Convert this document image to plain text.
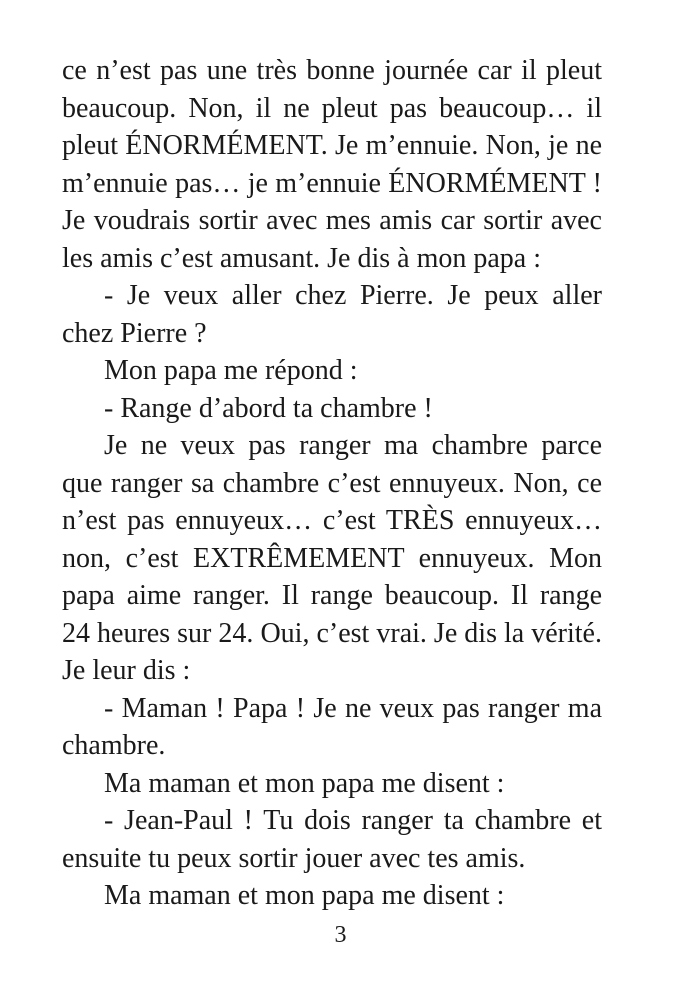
ce n’est pas une très bonne journée car il pleut
beaucoup. Non, il ne pleut pas beaucoup… il
pleut ÉNORMÉMENT. Je m’ennuie. Non, je ne
m’ennuie pas… je m’ennuie ÉNORMÉMENT !
Je voudrais sortir avec mes amis car sortir avec
les amis c’est amusant. Je dis à mon papa :
- Je veux aller chez Pierre. Je peux aller
chez Pierre ?
Mon papa me répond :
- Range d’abord ta chambre !
Je ne veux pas ranger ma chambre parce
que ranger sa chambre c’est ennuyeux. Non, ce
n’est pas ennuyeux… c’est TRÈS ennuyeux…
non, c’est EXTRÊMEMENT ennuyeux. Mon
papa aime ranger. Il range beaucoup. Il range
24 heures sur 24. Oui, c’est vrai. Je dis la vérité.
Je leur dis :
- Maman ! Papa ! Je ne veux pas ranger ma
chambre.
Ma maman et mon papa me disent :
- Jean-Paul ! Tu dois ranger ta chambre et
ensuite tu peux sortir jouer avec tes amis.
Ma maman et mon papa me disent :
3
